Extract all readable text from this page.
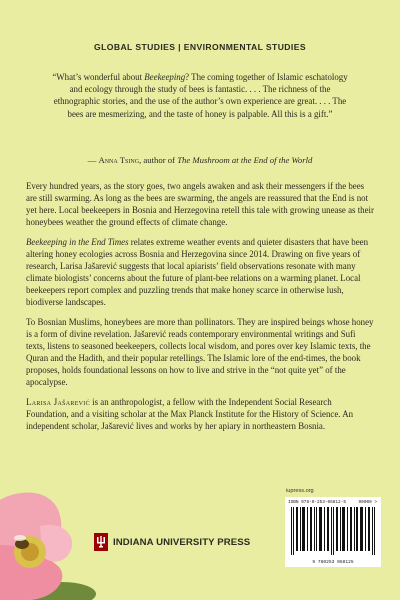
GLOBAL STUDIES | ENVIRONMENTAL STUDIES

“What’s wonderful about Beekeeping? The coming together of Islamic eschatology and ecology through the study of bees is fantastic. . . . The richness of the ethnographic stories, and the use of the author’s own experience are great. . . . The bees are mesmerizing, and the taste of honey is palpable. All this is a gift.”

— Anna Tsing, author of The Mushroom at the End of the World

Every hundred years, as the story goes, two angels awaken and ask their messengers if the bees are still swarming. As long as the bees are swarming, the angels are reassured that the End is not yet here. Local beekeepers in Bosnia and Herzegovina retell this tale with growing unease as their honeybees weather the ground effects of climate change.

Beekeeping in the End Times relates extreme weather events and quieter disasters that have been altering honey ecologies across Bosnia and Herzegovina since 2014. Drawing on five years of research, Larisa Jašarević suggests that local apiarists’ field observations resonate with many climate biologists’ concerns about the future of plant-bee relations on a warming planet. Local beekeepers report complex and puzzling trends that make honey scarce in otherwise lush, biodiverse landscapes.

To Bosnian Muslims, honeybees are more than pollinators. They are inspired beings whose honey is a form of divine revelation. Jašarević reads contemporary environmental writings and Sufi texts, listens to seasoned beekeepers, collects local wisdom, and pores over key Islamic texts, the Quran and the Hadith, and their popular retellings. The Islamic lore of the end-times, the book proposes, holds foundational lessons on how to live and strive in the “not quite yet” of the apocalypse.

Larisa Jašarević is an anthropologist, a fellow with the Independent Social Research Foundation, and a visiting scholar at the Max Planck Institute for the History of Science. An independent scholar, Jašarević lives and works by her apiary in northeastern Bosnia.

INDIANA UNIVERSITY PRESS
iupress.org
ISBN 978-0-253-06812-5	90000 >
9 780253 068125
